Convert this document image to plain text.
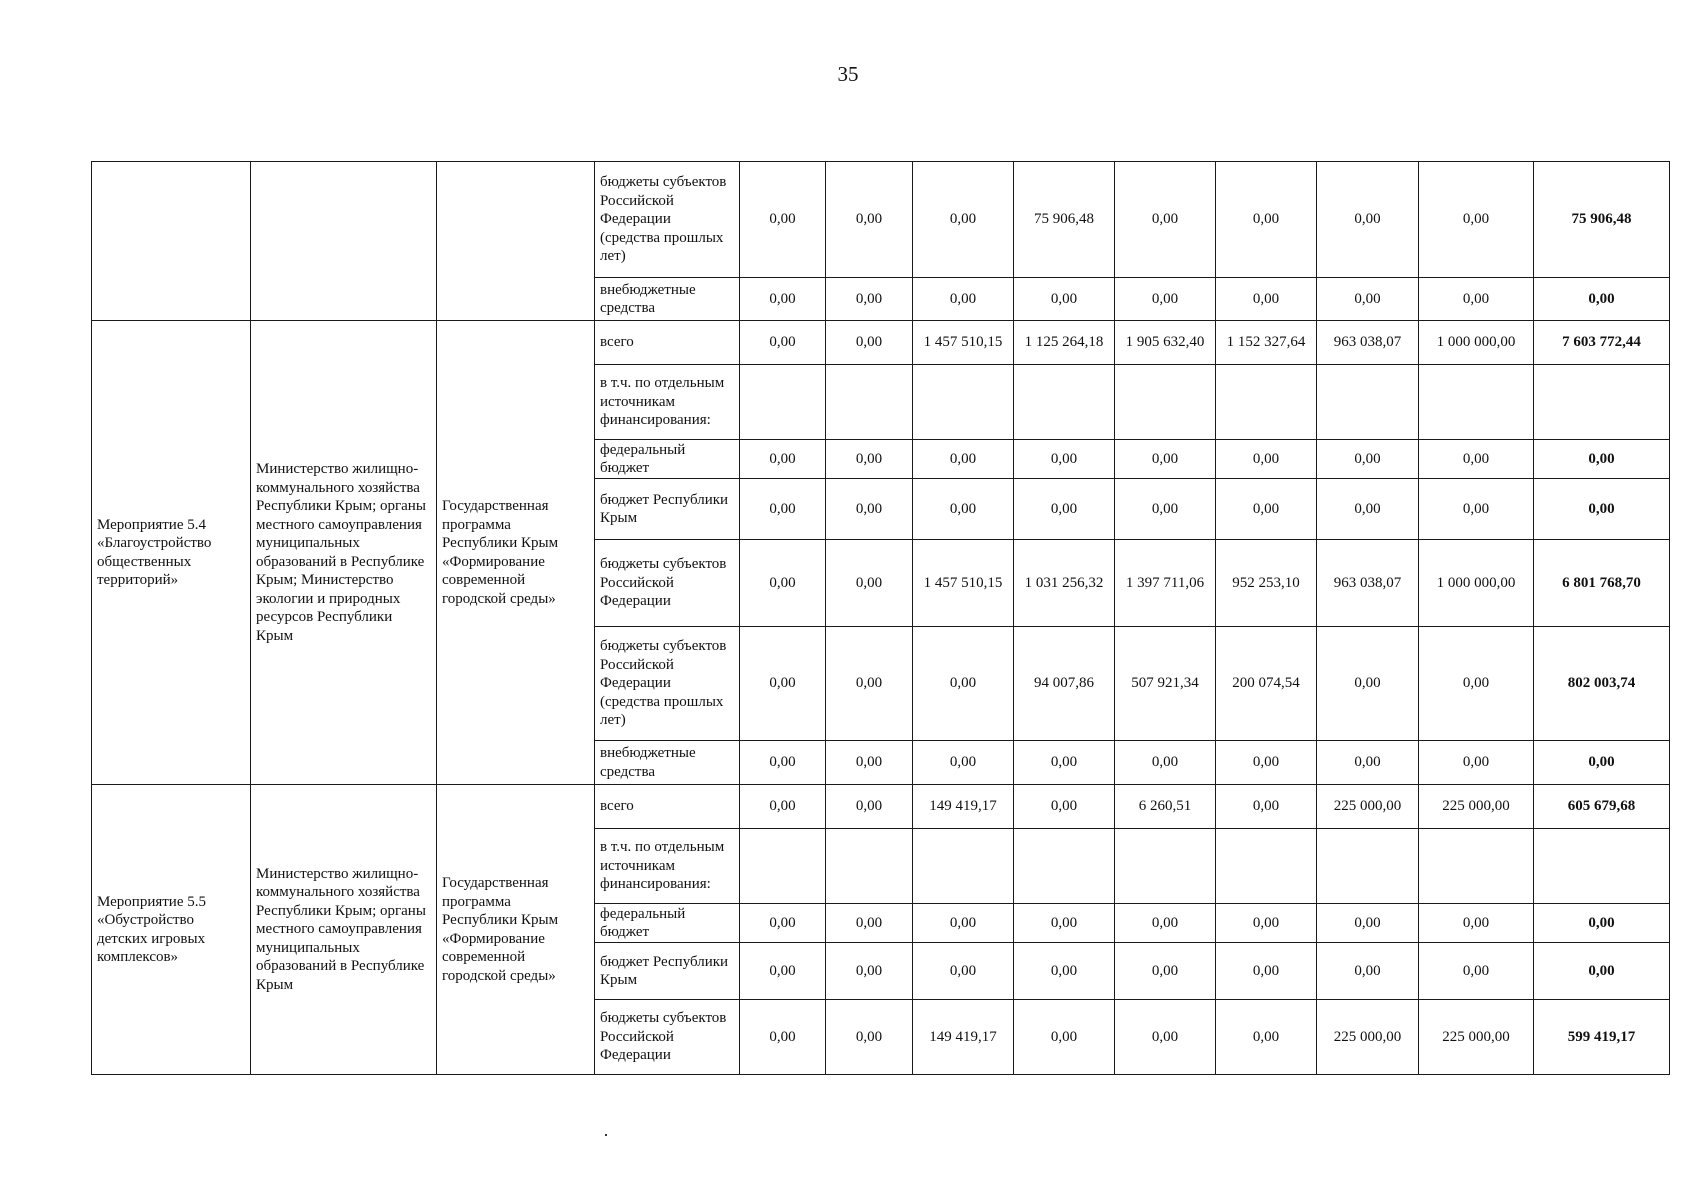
35
			бюджеты субъектов Российской Федерации (средства прошлых лет)	0,00	0,00	0,00	75 906,48	0,00	0,00	0,00	0,00	75 906,48
			внебюджетные средства	0,00	0,00	0,00	0,00	0,00	0,00	0,00	0,00	0,00
Мероприятие 5.4 «Благоустройство общественных территорий»	Министерство жилищно-коммунального хозяйства Республики Крым; органы местного самоуправления муниципальных образований в Республике Крым; Министерство экологии и природных ресурсов Республики Крым	Государственная программа Республики Крым «Формирование современной городской среды»	всего	0,00	0,00	1 457 510,15	1 125 264,18	1 905 632,40	1 152 327,64	963 038,07	1 000 000,00	7 603 772,44
			в т.ч. по отдельным источникам финансирования:									
			федеральный бюджет	0,00	0,00	0,00	0,00	0,00	0,00	0,00	0,00	0,00
			бюджет Республики Крым	0,00	0,00	0,00	0,00	0,00	0,00	0,00	0,00	0,00
			бюджеты субъектов Российской Федерации	0,00	0,00	1 457 510,15	1 031 256,32	1 397 711,06	952 253,10	963 038,07	1 000 000,00	6 801 768,70
			бюджеты субъектов Российской Федерации (средства прошлых лет)	0,00	0,00	0,00	94 007,86	507 921,34	200 074,54	0,00	0,00	802 003,74
			внебюджетные средства	0,00	0,00	0,00	0,00	0,00	0,00	0,00	0,00	0,00
Мероприятие 5.5 «Обустройство детских игровых комплексов»	Министерство жилищно-коммунального хозяйства Республики Крым; органы местного самоуправления муниципальных образований в Республике Крым	Государственная программа Республики Крым «Формирование современной городской среды»	всего	0,00	0,00	149 419,17	0,00	6 260,51	0,00	225 000,00	225 000,00	605 679,68
			в т.ч. по отдельным источникам финансирования:									
			федеральный бюджет	0,00	0,00	0,00	0,00	0,00	0,00	0,00	0,00	0,00
			бюджет Республики Крым	0,00	0,00	0,00	0,00	0,00	0,00	0,00	0,00	0,00
			бюджеты субъектов Российской Федерации	0,00	0,00	149 419,17	0,00	0,00	0,00	225 000,00	225 000,00	599 419,17
